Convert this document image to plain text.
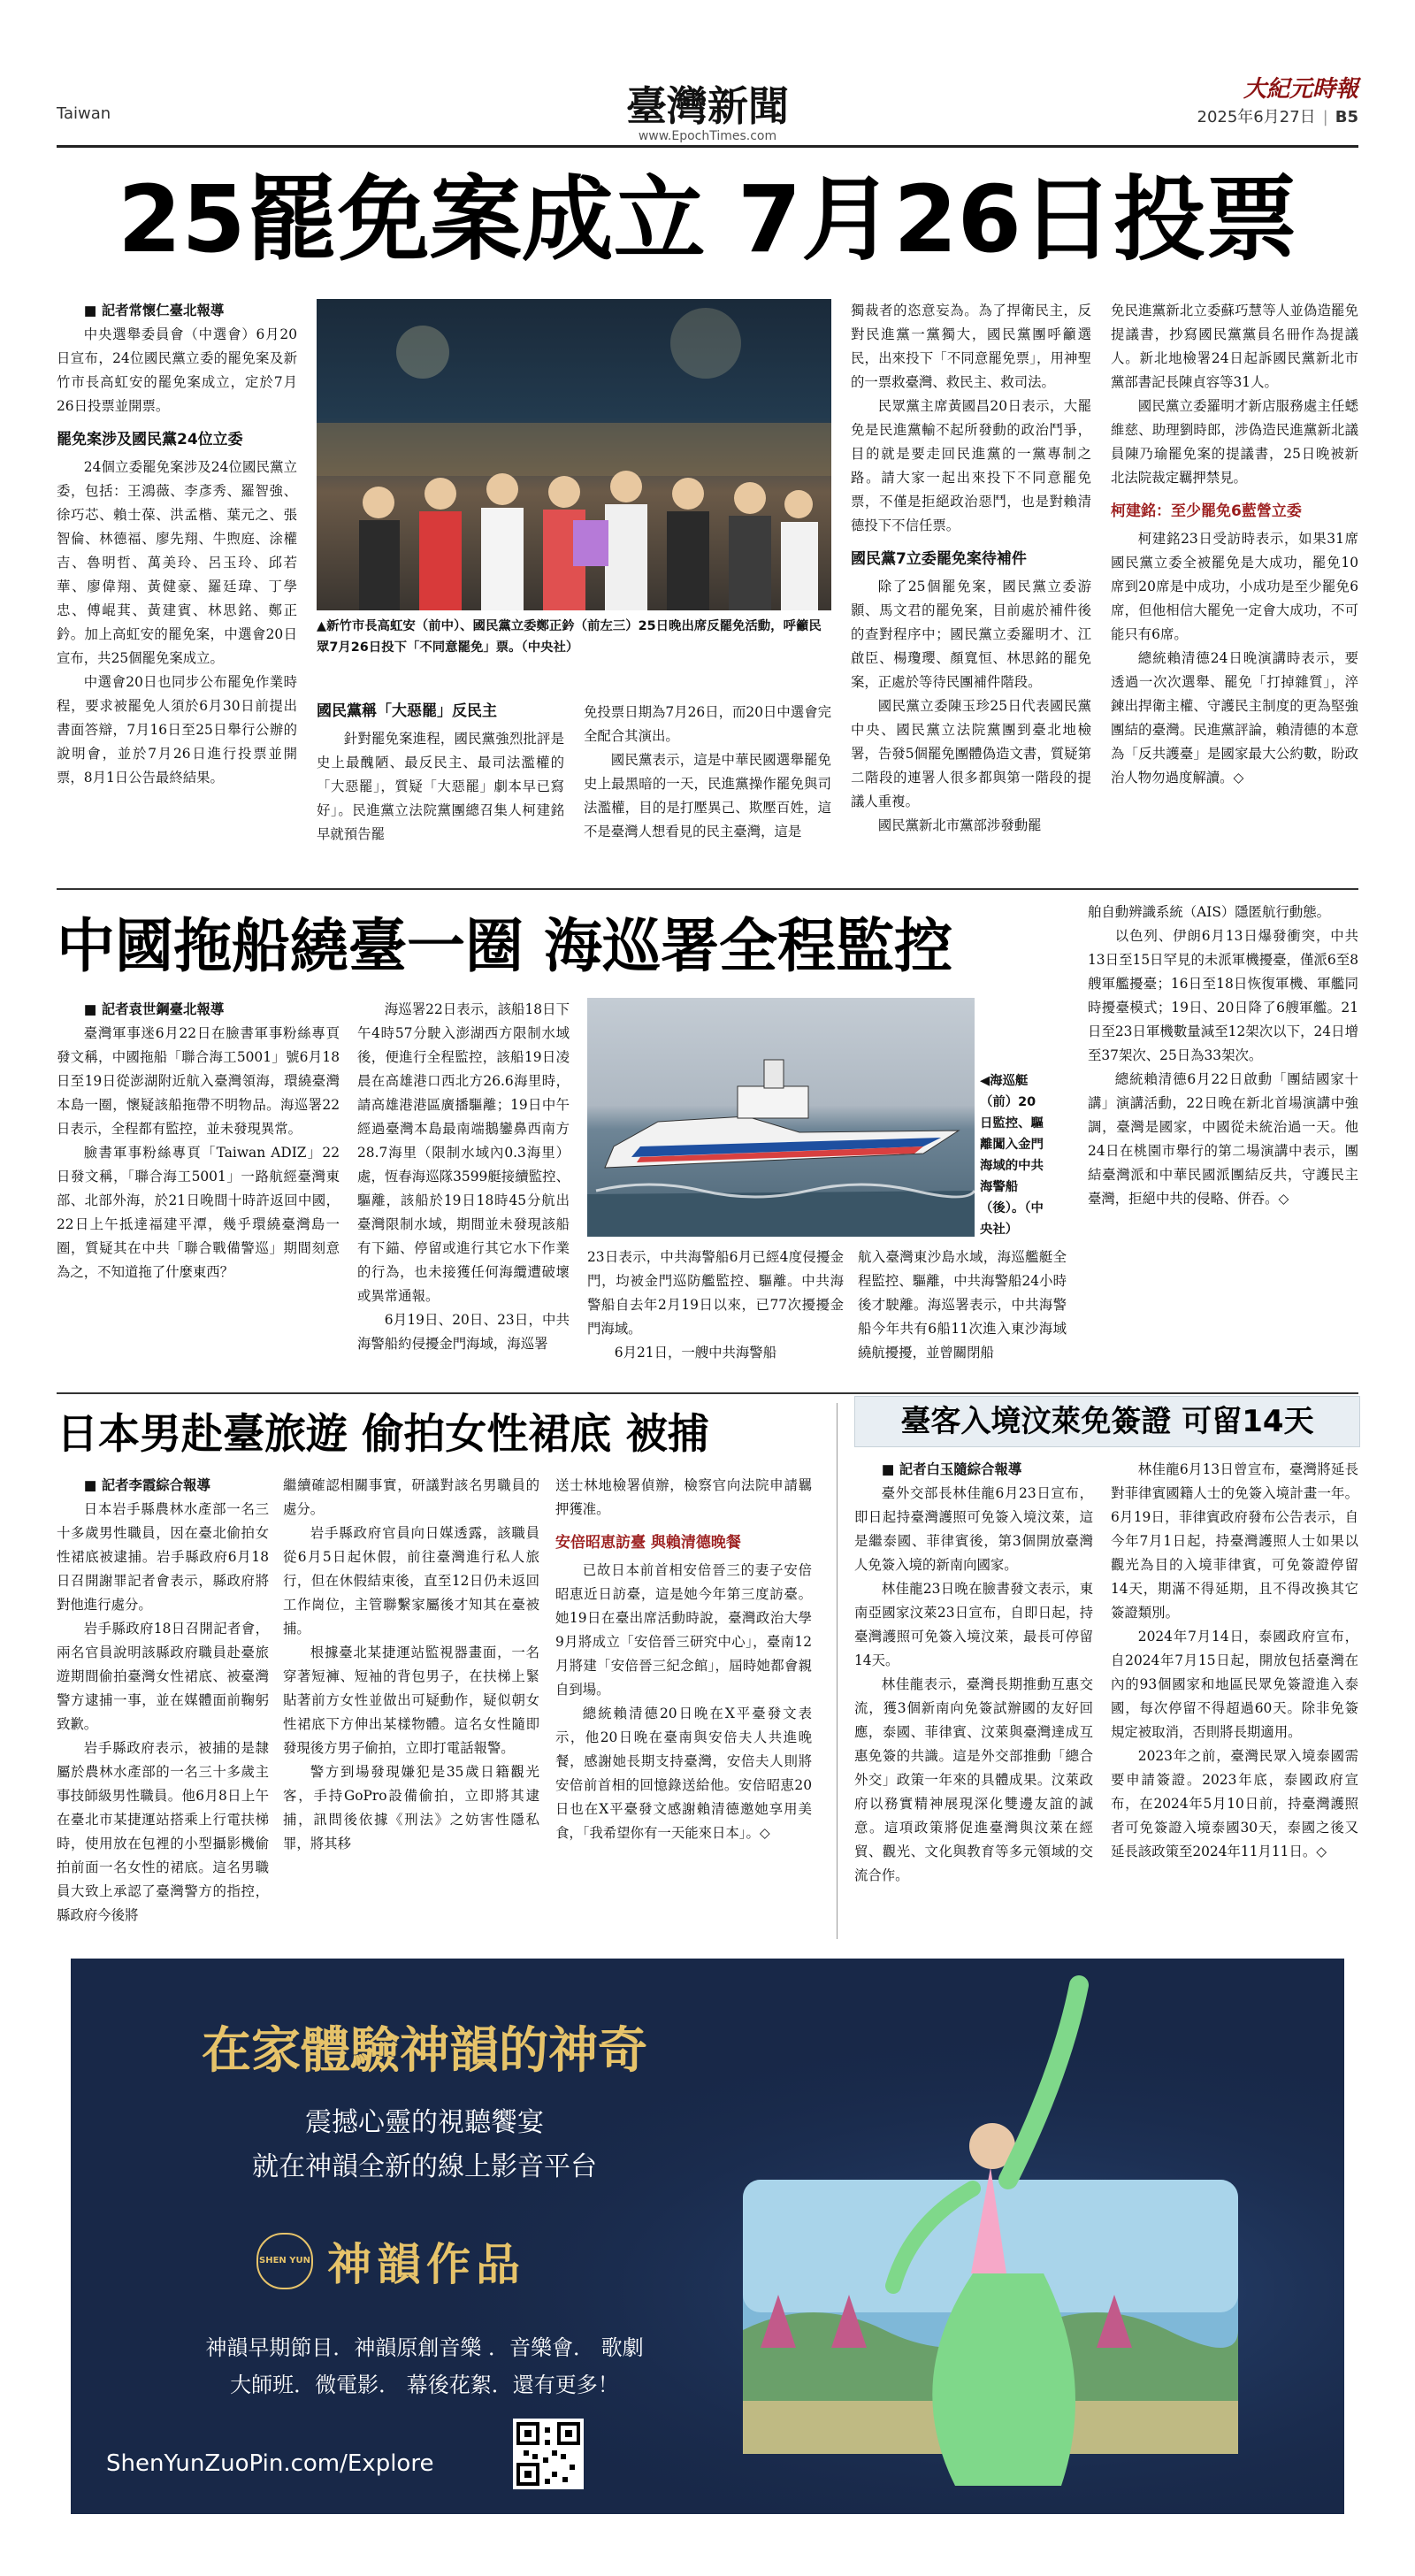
Taiwan	臺灣新聞
www.EpochTimes.com
大紀元時報
2025年6月27日 | B5
25罷免案成立 7月26日投票

■ 記者常懷仁臺北報導

中央選舉委員會（中選會）6月20日宣布，24位國民黨立委的罷免案及新竹市長高虹安的罷免案成立，定於7月26日投票並開票。

罷免案涉及國民黨24位立委

24個立委罷免案涉及24位國民黨立委，包括：王鴻薇、李彥秀、羅智強、徐巧芯、賴士葆、洪孟楷、葉元之、張智倫、林德福、廖先翔、牛煦庭、涂權吉、魯明哲、萬美玲、呂玉玲、邱若華、廖偉翔、黃健豪、羅廷瑋、丁學忠、傅崐萁、黃建賓、林思銘、鄭正鈐。加上高虹安的罷免案，中選會20日宣布，共25個罷免案成立。

中選會20日也同步公布罷免作業時程，要求被罷免人須於6月30日前提出書面答辯，7月16日至25日舉行公辦的說明會，並於7月26日進行投票並開票，8月1日公告最終結果。

▲新竹市長高虹安（前中）、國民黨立委鄭正鈐（前左三）25日晚出席反罷免活動，呼籲民眾7月26日投下「不同意罷免」票。（中央社）
國民黨稱「大惡罷」反民主

針對罷免案進程，國民黨強烈批評是史上最醜陋、最反民主、最司法濫權的「大惡罷」，質疑「大惡罷」劇本早已寫好」。民進黨立法院黨團總召集人柯建銘早就預告罷

免投票日期為7月26日，而20日中選會完全配合其演出。

國民黨表示，這是中華民國選舉罷免史上最黑暗的一天，民進黨操作罷免與司法濫權，目的是打壓異己、欺壓百姓，這不是臺灣人想看見的民主臺灣，這是

獨裁者的恣意妄為。為了捍衛民主，反對民進黨一黨獨大，國民黨團呼籲選民，出來投下「不同意罷免票」，用神聖的一票救臺灣、救民主、救司法。

民眾黨主席黃國昌20日表示，大罷免是民進黨輸不起所發動的政治鬥爭，目的就是要走回民進黨的一黨專制之路。請大家一起出來投下不同意罷免票，不僅是拒絕政治惡鬥，也是對賴清德投下不信任票。

國民黨7立委罷免案待補件

除了25個罷免案，國民黨立委游顥、馬文君的罷免案，目前處於補件後的查對程序中；國民黨立委羅明才、江啟臣、楊瓊瓔、顏寬恒、林思銘的罷免案，正處於等待民團補件階段。

國民黨立委陳玉珍25日代表國民黨中央、國民黨立法院黨團到臺北地檢署，告發5個罷免團體偽造文書，質疑第二階段的連署人很多都與第一階段的提議人重複。

國民黨新北市黨部涉發動罷

免民進黨新北立委蘇巧慧等人並偽造罷免提議書，抄寫國民黨黨員名冊作為提議人。新北地檢署24日起訴國民黨新北市黨部書記長陳貞容等31人。

國民黨立委羅明才新店服務處主任蟋維慈、助理劉時郎，涉偽造民進黨新北議員陳乃瑜罷免案的提議書，25日晚被新北法院裁定羈押禁見。

柯建銘：至少罷免6藍營立委

柯建銘23日受訪時表示，如果31席國民黨立委全被罷免是大成功，罷免10席到20席是中成功，小成功是至少罷免6席，但他相信大罷免一定會大成功，不可能只有6席。

總統賴清德24日晚演講時表示，要透過一次次選舉、罷免「打掉雜質」，淬鍊出捍衛主權、守護民主制度的更為堅強團結的臺灣。民進黨評論，賴清德的本意為「反共護臺」是國家最大公約數，盼政治人物勿過度解讀。◇

中國拖船繞臺一圈 海巡署全程監控

■ 記者袁世鋼臺北報導

臺灣軍事迷6月22日在臉書軍事粉絲專頁發文稱，中國拖船「聯合海工5001」號6月18日至19日從澎湖附近航入臺灣領海，環繞臺灣本島一圈，懷疑該船拖帶不明物品。海巡署22日表示，全程都有監控，並未發現異常。

臉書軍事粉絲專頁「Taiwan ADIZ」22日發文稱，「聯合海工5001」一路航經臺灣東部、北部外海，於21日晚間十時許返回中國，22日上午抵達福建平潭，幾乎環繞臺灣島一圈，質疑其在中共「聯合戰備警巡」期間刻意為之，不知道拖了什麼東西？

海巡署22日表示，該船18日下午4時57分駛入澎湖西方限制水域後，便進行全程監控，該船19日凌晨在高雄港口西北方26.6海里時，請高雄港港區廣播驅離；19日中午經過臺灣本島最南端鵝鑾鼻西南方28.7海里（限制水域內0.3海里）處，恆春海巡隊3599艇接續監控、驅離，該船於19日18時45分航出臺灣限制水域，期間並未發現該船有下錨、停留或進行其它水下作業的行為，也未接獲任何海纜遭破壞或異常通報。

6月19日、20日、23日，中共海警船約侵擾金門海域，海巡署

◀海巡艇（前）20日監控、驅離闖入金門海域的中共海警船（後）。（中央社）

23日表示，中共海警船6月已經4度侵擾金門，均被金門巡防艦監控、驅離。中共海警船自去年2月19日以來，已77次擾擾金門海域。

6月21日，一艘中共海警船

航入臺灣東沙島水域，海巡艦艇全程監控、驅離，中共海警船24小時後才駛離。海巡署表示，中共海警船今年共有6船11次進入東沙海域繞航擾擾，並曾關閉船

舶自動辨識系統（AIS）隱匿航行動態。

以色列、伊朗6月13日爆發衝突，中共13日至15日罕見的未派軍機擾臺，僅派6至8艘軍艦擾臺；16日至18日恢復軍機、軍艦同時擾臺模式；19日、20日降了6艘軍艦。21日至23日軍機數量減至12架次以下，24日增至37架次、25日為33架次。

總統賴清德6月22日啟動「團結國家十講」演講活動，22日晚在新北首場演講中強調，臺灣是國家，中國從未統治過一天。他24日在桃園市舉行的第二場演講中表示，團結臺灣派和中華民國派團結反共，守護民主臺灣，拒絕中共的侵略、併吞。◇

日本男赴臺旅遊 偷拍女性裙底 被捕

■ 記者李霞綜合報導

日本岩手縣農林水產部一名三十多歲男性職員，因在臺北偷拍女性裙底被逮捕。岩手縣政府6月18日召開謝罪記者會表示，縣政府將對他進行處分。

岩手縣政府18日召開記者會，兩名官員說明該縣政府職員赴臺旅遊期間偷拍臺灣女性裙底、被臺灣警方逮捕一事，並在媒體面前鞠躬致歉。

岩手縣政府表示，被捕的是隸屬於農林水產部的一名三十多歲主事技師級男性職員。他6月8日上午在臺北市某捷運站搭乘上行電扶梯時，使用放在包裡的小型攝影機偷拍前面一名女性的裙底。這名男職員大致上承認了臺灣警方的指控，縣政府今後將

繼續確認相關事實，研議對該名男職員的處分。

岩手縣政府官員向日媒透露，該職員從6月5日起休假，前往臺灣進行私人旅行，但在休假結束後，直至12日仍未返回工作崗位，主管聯繫家屬後才知其在臺被捕。

根據臺北某捷運站監視器畫面，一名穿著短褲、短袖的背包男子，在扶梯上緊貼著前方女性並做出可疑動作，疑似朝女性裙底下方伸出某樣物體。這名女性隨即發現後方男子偷拍，立即打電話報警。

警方到場發現嫌犯是35歲日籍觀光客，手持GoPro設備偷拍，立即將其逮捕，訊問後依據《刑法》之妨害性隱私罪，將其移

送士林地檢署偵辦，檢察官向法院申請羈押獲准。

安倍昭恵訪臺 與賴清德晚餐

已故日本前首相安倍晉三的妻子安倍昭恵近日訪臺，這是她今年第三度訪臺。她19日在臺出席活動時說，臺灣政治大學9月將成立「安倍晉三研究中心」，臺南12月將建「安倍晉三紀念館」，屆時她都會親自到場。

總統賴清德20日晚在X平臺發文表示，他20日晚在臺南與安倍夫人共進晚餐，感謝她長期支持臺灣，安倍夫人則將安倍前首相的回憶錄送給他。安倍昭恵20日也在X平臺發文感謝賴清德邀她享用美食，「我希望你有一天能來日本」。◇

臺客入境汶萊免簽證 可留14天

■ 記者白玉隨綜合報導

臺外交部長林佳龍6月23日宣布，即日起持臺灣護照可免簽入境汶萊，這是繼泰國、菲律賓後，第3個開放臺灣人免簽入境的新南向國家。

林佳龍23日晚在臉書發文表示，東南亞國家汶萊23日宣布，自即日起，持臺灣護照可免簽入境汶萊，最長可停留14天。

林佳龍表示，臺灣長期推動互惠交流，獲3個新南向免簽試辦國的友好回應，泰國、菲律賓、汶萊與臺灣達成互惠免簽的共識。這是外交部推動「總合外交」政策一年來的具體成果。汶萊政府以務實精神展現深化雙邊友誼的誠意。這項政策將促進臺灣與汶萊在經貿、觀光、文化與教育等多元領域的交流合作。

林佳龍6月13日曾宣布，臺灣將延長對菲律賓國籍人士的免簽入境計畫一年。6月19日，菲律賓政府發布公告表示，自今年7月1日起，持臺灣護照人士如果以觀光為目的入境菲律賓，可免簽證停留14天，期滿不得延期，且不得改換其它簽證類別。

2024年7月14日，泰國政府宣布，自2024年7月15日起，開放包括臺灣在內的93個國家和地區民眾免簽證進入泰國，每次停留不得超過60天。除非免簽規定被取消，否則將長期適用。

2023年之前，臺灣民眾入境泰國需要申請簽證。2023年底，泰國政府宣布，在2024年5月10日前，持臺灣護照者可免簽證入境泰國30天，泰國之後又延長該政策至2024年11月11日。◇

在家體驗神韻的神奇
震撼心靈的視聽饗宴
就在神韻全新的線上影音平台
SHEN YUN 神韻作品
神韻早期節目．神韻原創音樂 ．音樂會． 歌劇
大師班．微電影． 幕後花絮．還有更多！
ShenYunZuoPin.com/Explore
